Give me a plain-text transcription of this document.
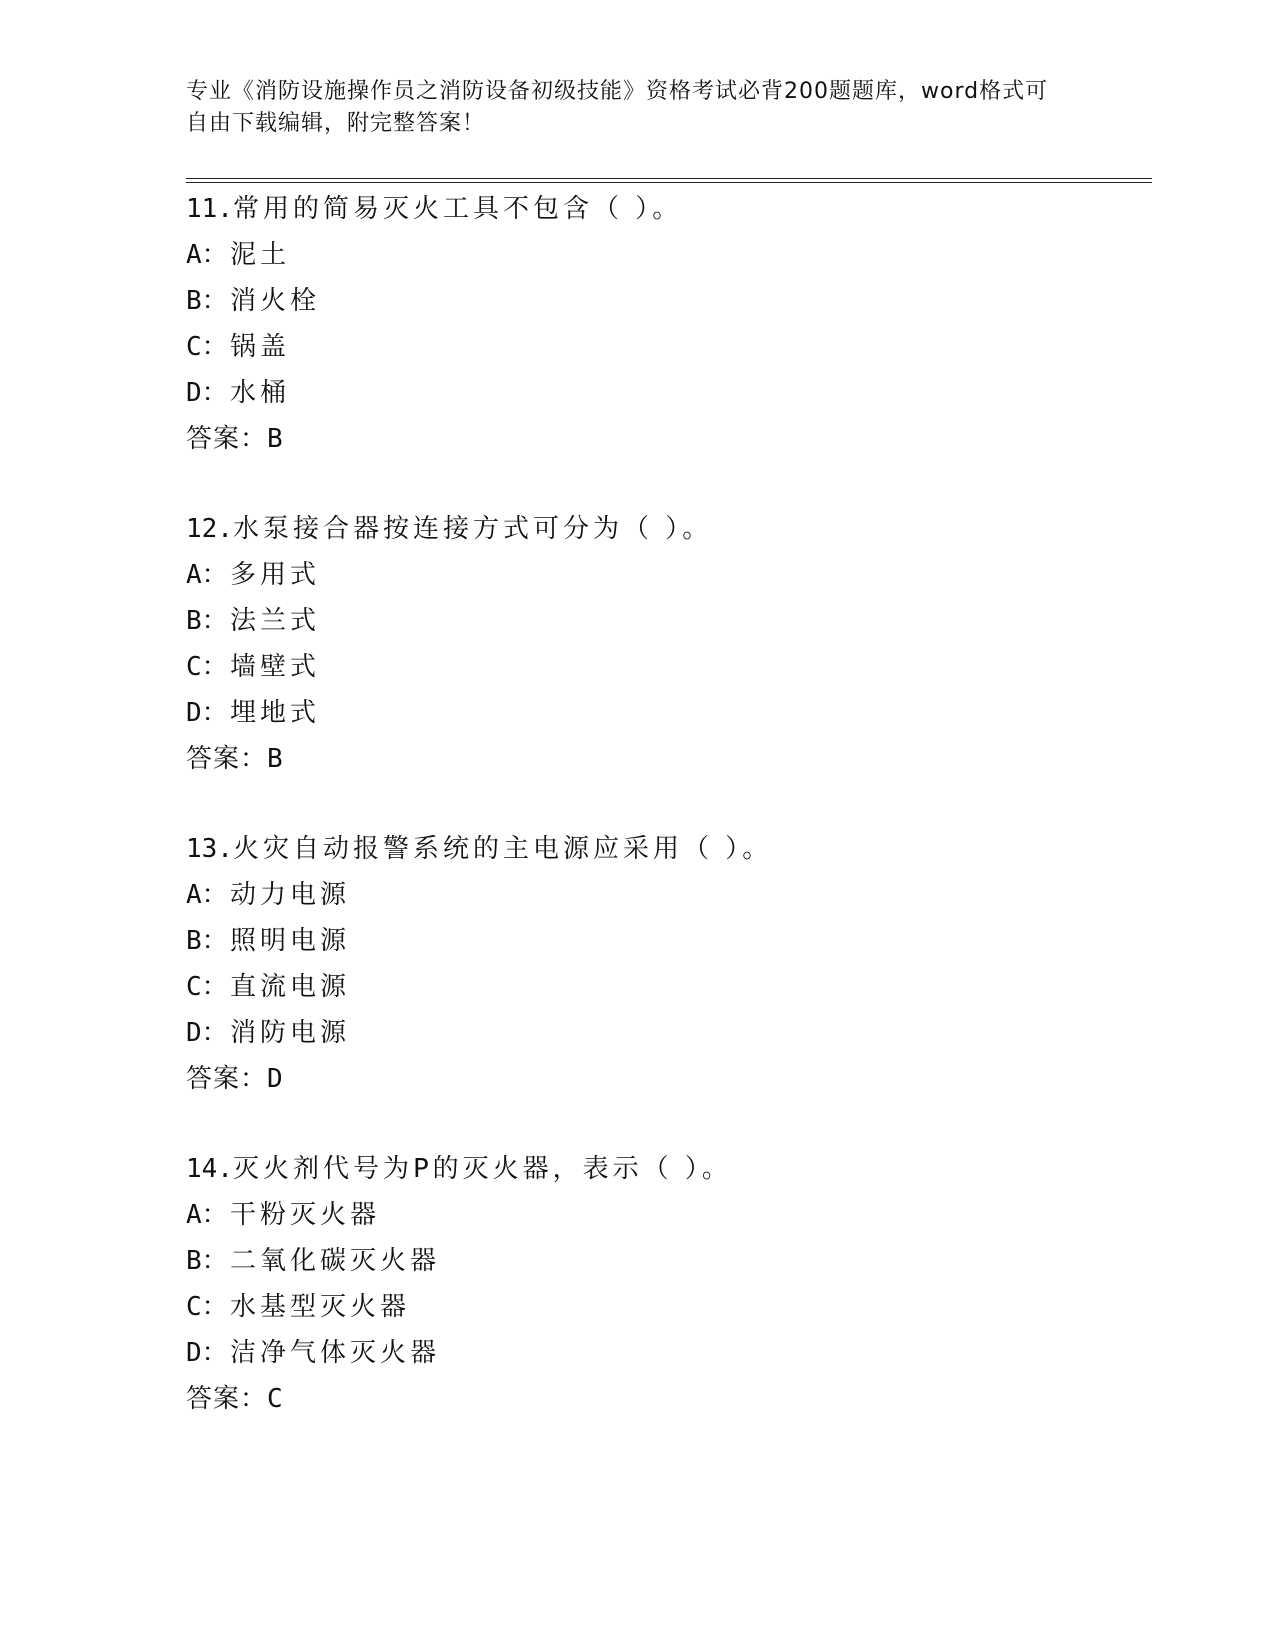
专业《消防设施操作员之消防设备初级技能》资格考试必背200题题库，word格式可自由下载编辑，附完整答案！
11.常用的简易灭火工具不包含（ ）。
A：泥土
B：消火栓
C：锅盖
D：水桶
答案：B
12.水泵接合器按连接方式可分为（ ）。
A：多用式
B：法兰式
C：墙壁式
D：埋地式
答案：B
13.火灾自动报警系统的主电源应采用（ ）。
A：动力电源
B：照明电源
C：直流电源
D：消防电源
答案：D
14.灭火剂代号为P的灭火器，表示（ ）。
A：干粉灭火器
B：二氧化碳灭火器
C：水基型灭火器
D：洁净气体灭火器
答案：C
